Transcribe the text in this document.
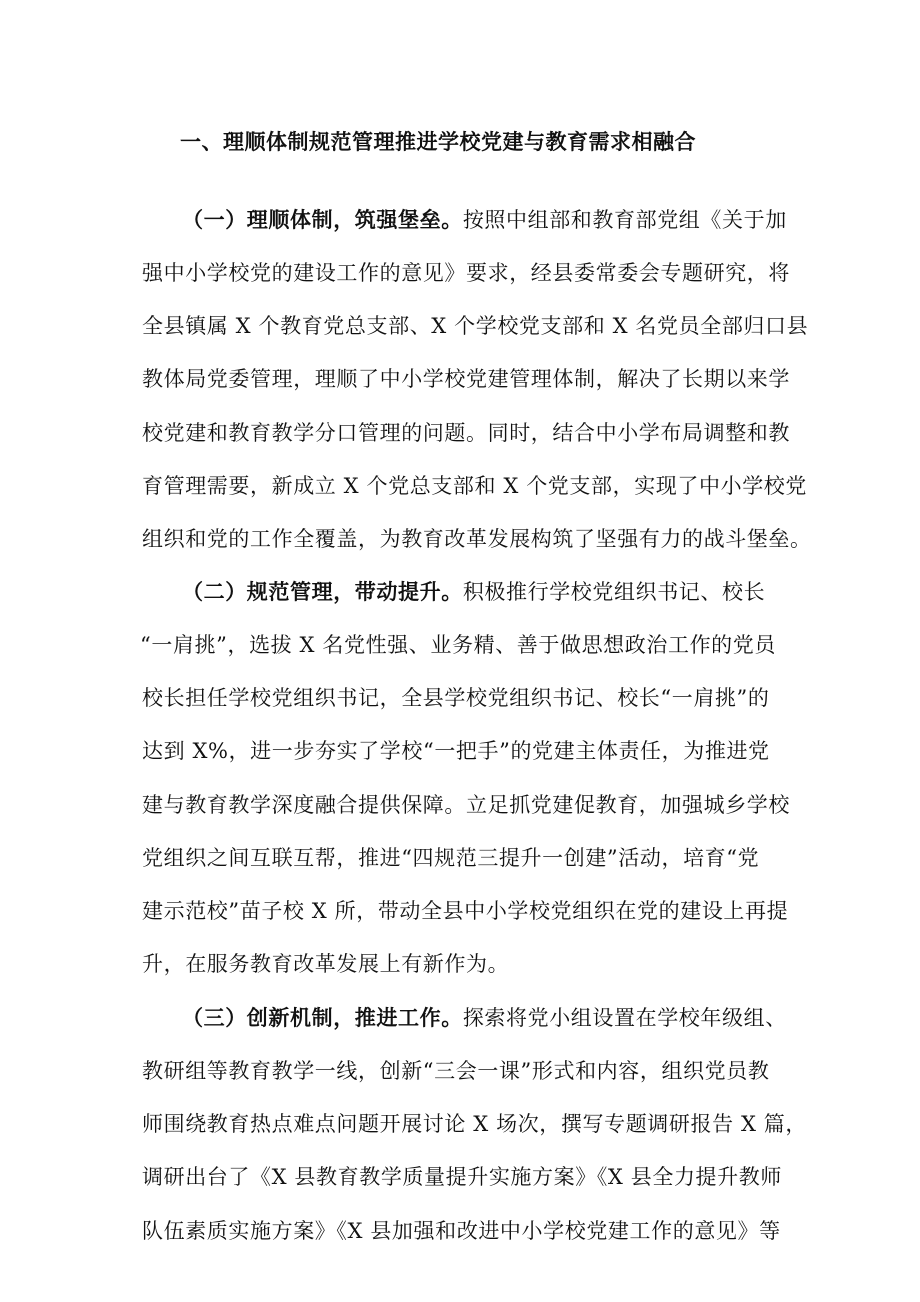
一、理顺体制规范管理推进学校党建与教育需求相融合
（一）理顺体制，筑强堡垒。按照中组部和教育部党组《关于加
强中小学校党的建设工作的意见》要求，经县委常委会专题研究，将
全县镇属 X 个教育党总支部、X 个学校党支部和 X 名党员全部归口县
教体局党委管理，理顺了中小学校党建管理体制，解决了长期以来学
校党建和教育教学分口管理的问题。同时，结合中小学布局调整和教
育管理需要，新成立 X 个党总支部和 X 个党支部，实现了中小学校党
组织和党的工作全覆盖，为教育改革发展构筑了坚强有力的战斗堡垒。
（二）规范管理，带动提升。积极推行学校党组织书记、校长
“一肩挑”，选拔 X 名党性强、业务精、善于做思想政治工作的党员
校长担任学校党组织书记，全县学校党组织书记、校长“一肩挑”的
达到 X%，进一步夯实了学校“一把手”的党建主体责任，为推进党
建与教育教学深度融合提供保障。立足抓党建促教育，加强城乡学校
党组织之间互联互帮，推进“四规范三提升一创建”活动，培育“党
建示范校”苗子校 X 所，带动全县中小学校党组织在党的建设上再提
升，在服务教育改革发展上有新作为。
（三）创新机制，推进工作。探索将党小组设置在学校年级组、
教研组等教育教学一线，创新“三会一课”形式和内容，组织党员教
师围绕教育热点难点问题开展讨论 X 场次，撰写专题调研报告 X 篇，
调研出台了《X 县教育教学质量提升实施方案》《X 县全力提升教师
队伍素质实施方案》《X 县加强和改进中小学校党建工作的意见》等
